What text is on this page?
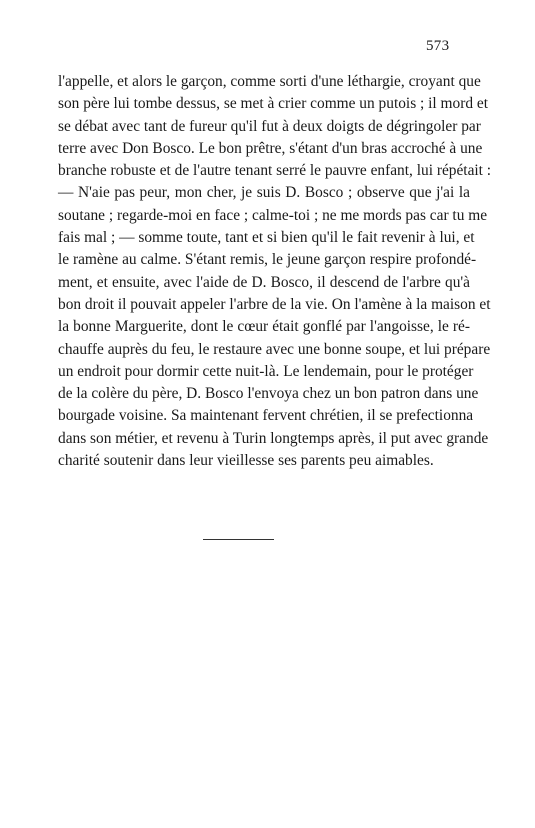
573
l'appelle, et alors le garçon, comme sorti d'une léthargie, croyant que
son père lui tombe dessus, se met à crier comme un putois ; il mord et
se débat avec tant de fureur qu'il fut à deux doigts de dégringoler par
terre avec Don Bosco. Le bon prêtre, s'étant d'un bras accroché à une
branche robuste et de l'autre tenant serré le pauvre enfant, lui répétait :
— N'aie pas peur, mon cher, je suis D. Bosco ; observe que j'ai la
soutane ; regarde-moi en face ; calme-toi ; ne me mords pas car tu me
fais mal ; — somme toute, tant et si bien qu'il le fait revenir à lui, et
le ramène au calme. S'étant remis, le jeune garçon respire profondé-
ment, et ensuite, avec l'aide de D. Bosco, il descend de l'arbre qu'à
bon droit il pouvait appeler l'arbre de la vie. On l'amène à la maison et
la bonne Marguerite, dont le cœur était gonflé par l'angoisse, le ré-
chauffe auprès du feu, le restaure avec une bonne soupe, et lui prépare
un endroit pour dormir cette nuit-là. Le lendemain, pour le protéger
de la colère du père, D. Bosco l'envoya chez un bon patron dans une
bourgade voisine. Sa maintenant fervent chrétien, il se prefectionna
dans son métier, et revenu à Turin longtemps après, il put avec grande
charité soutenir dans leur vieillesse ses parents peu aimables.
